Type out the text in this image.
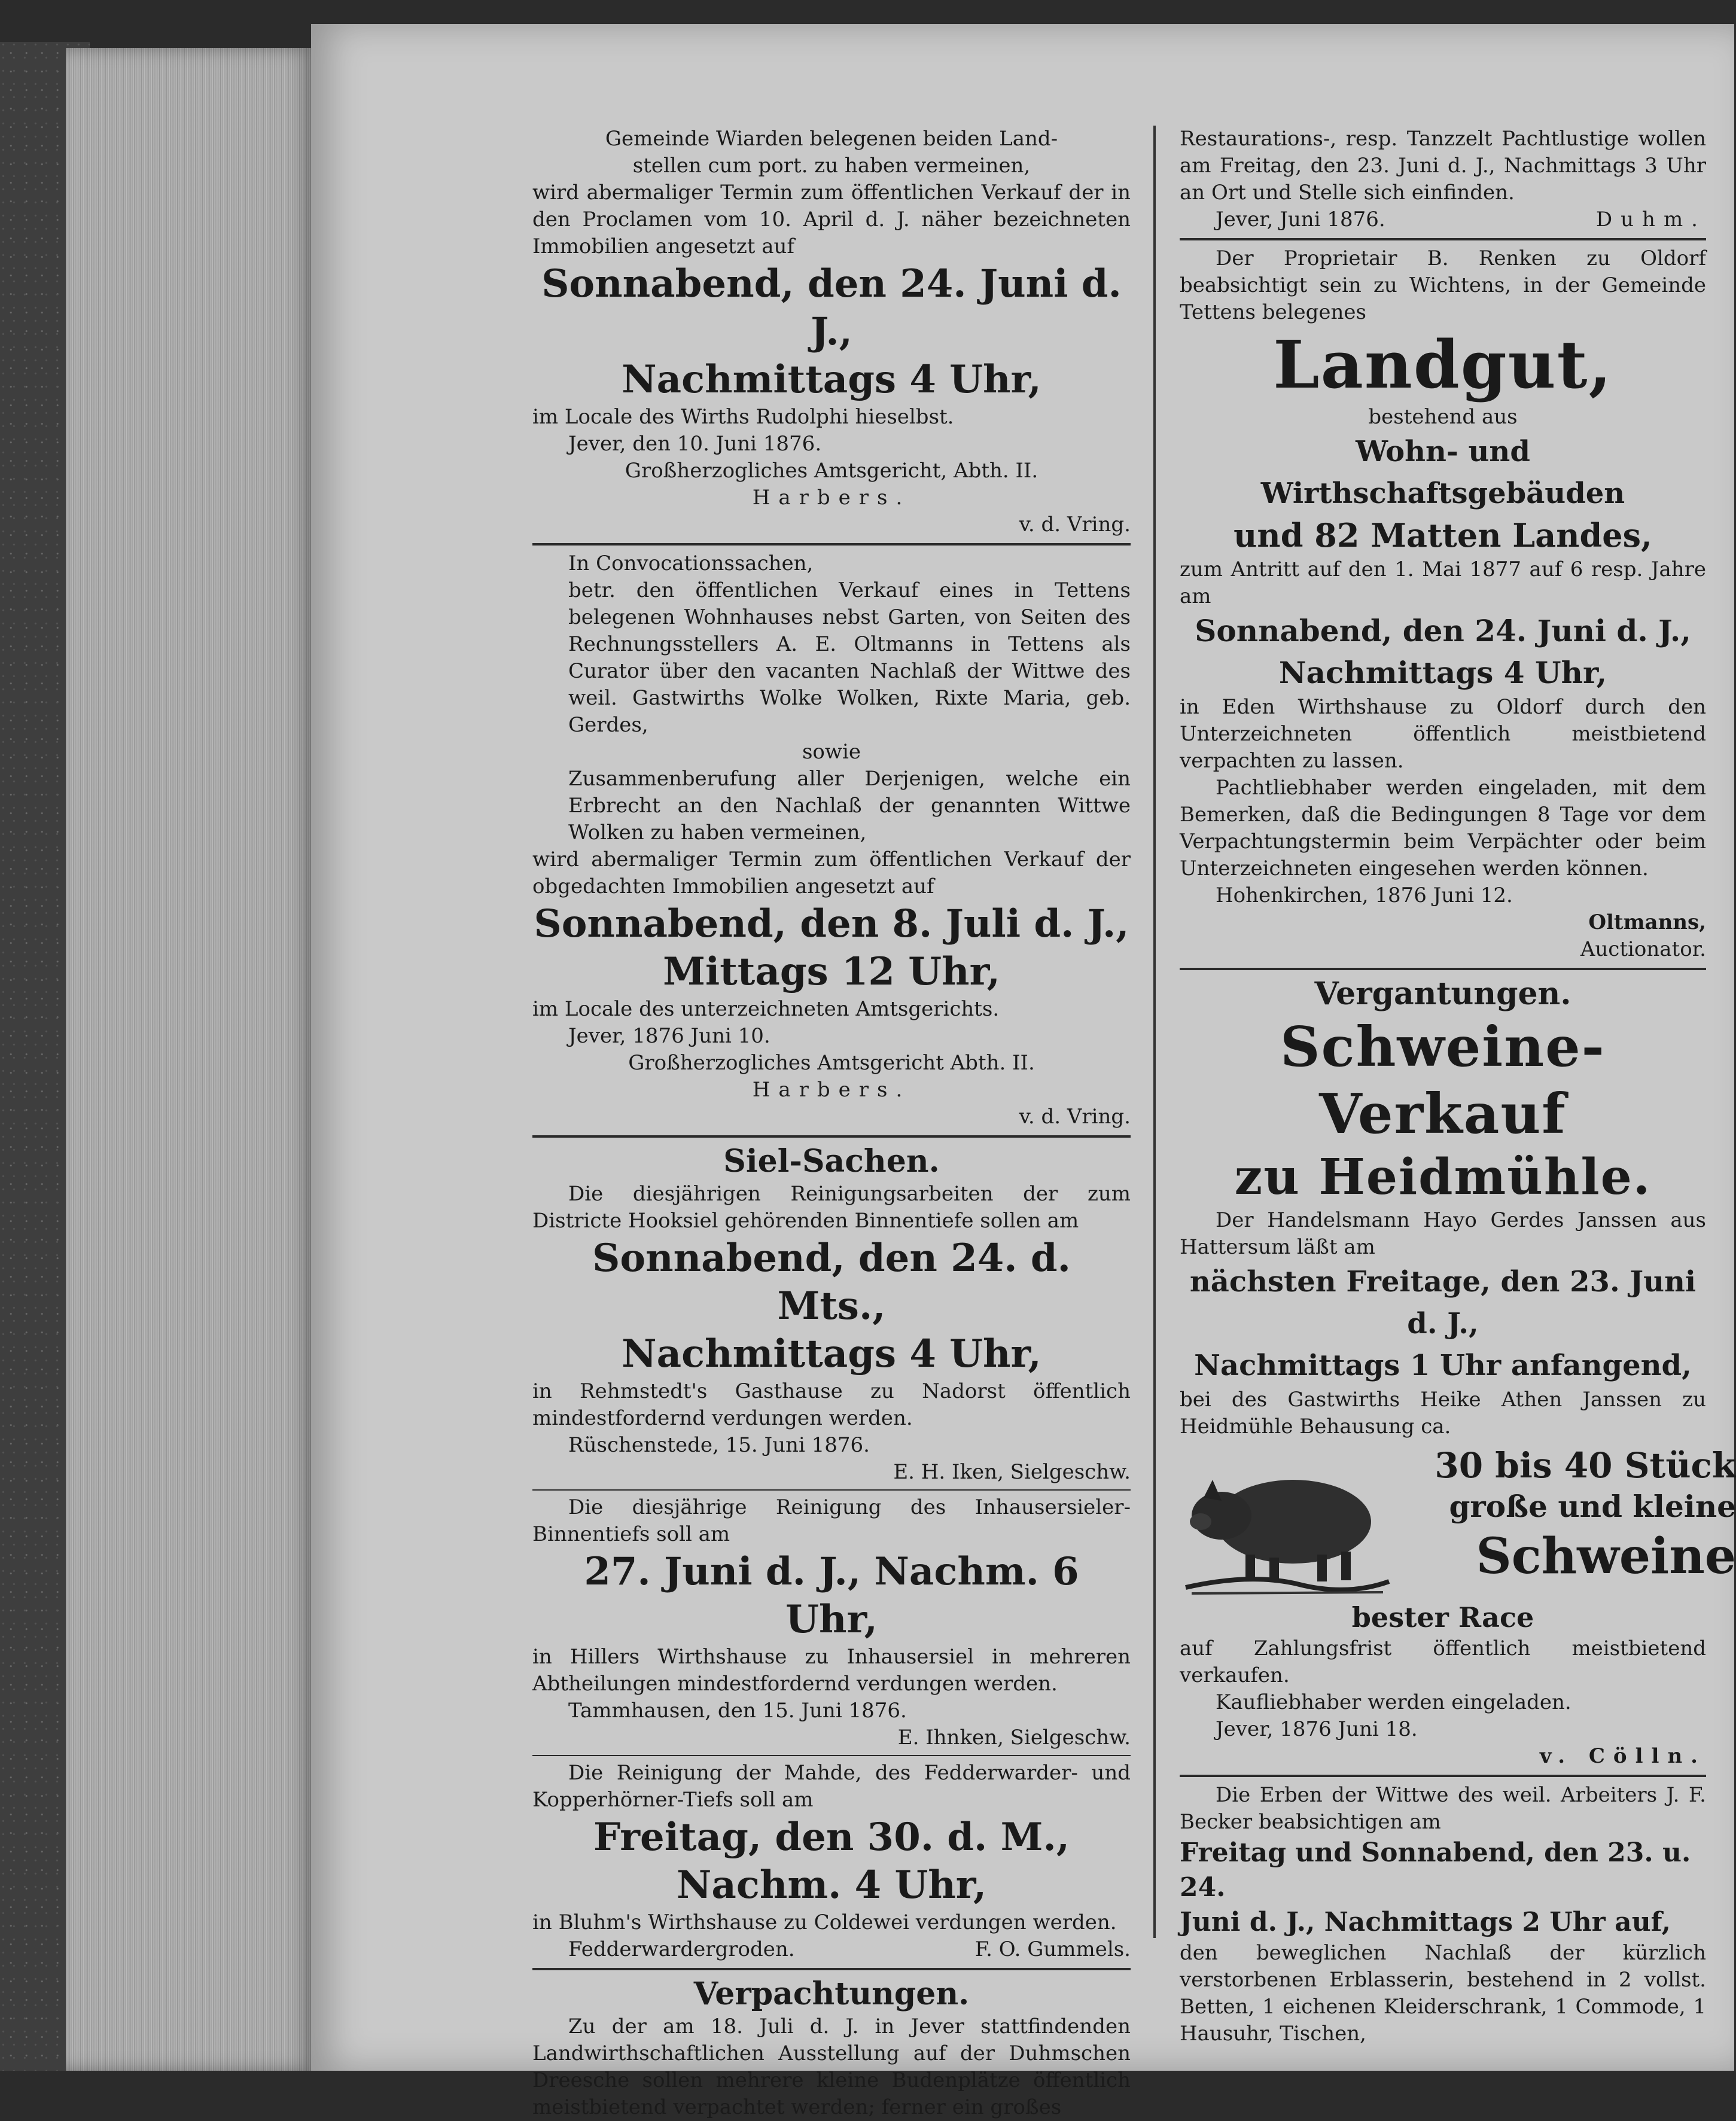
Gemeinde Wiarden belegenen beiden Land-

stellen cum port. zu haben vermeinen,

wird abermaliger Termin zum öffentlichen Verkauf der in den Proclamen vom 10. April d. J. näher bezeichneten Immobilien angesetzt auf

Sonnabend, den 24. Juni d. J.,

Nachmittags 4 Uhr,

im Locale des Wirths Rudolphi hieselbst.

Jever, den 10. Juni 1876.

Großherzogliches Amtsgericht, Abth. II.

Harbers.

v. d. Vring.

In Convocationssachen,

betr. den öffentlichen Verkauf eines in Tettens belegenen Wohnhauses nebst Garten, von Seiten des Rechnungsstellers A. E. Oltmanns in Tettens als Curator über den vacanten Nachlaß der Wittwe des weil. Gastwirths Wolke Wolken, Rixte Maria, geb. Gerdes,

sowie

Zusammenberufung aller Derjenigen, welche ein Erbrecht an den Nachlaß der genannten Wittwe Wolken zu haben vermeinen,

wird abermaliger Termin zum öffentlichen Verkauf der obgedachten Immobilien angesetzt auf

Sonnabend, den 8. Juli d. J.,

Mittags 12 Uhr,

im Locale des unterzeichneten Amtsgerichts.

Jever, 1876 Juni 10.

Großherzogliches Amtsgericht Abth. II.

Harbers.

v. d. Vring.

Siel-Sachen.

Die diesjährigen Reinigungsarbeiten der zum Districte Hooksiel gehörenden Binnentiefe sollen am

Sonnabend, den 24. d. Mts.,

Nachmittags 4 Uhr,

in Rehmstedt's Gasthause zu Nadorst öffentlich mindestfordernd verdungen werden.

Rüschenstede, 15. Juni 1876.

E. H. Iken, Sielgeschw.

Die diesjährige Reinigung des Inhausersieler-Binnentiefs soll am

27. Juni d. J., Nachm. 6 Uhr,

in Hillers Wirthshause zu Inhausersiel in mehreren Abtheilungen mindestfordernd verdungen werden.

Tammhausen, den 15. Juni 1876.

E. Ihnken, Sielgeschw.

Die Reinigung der Mahde, des Fedderwarder- und Kopperhörner-Tiefs soll am

Freitag, den 30. d. M.,

Nachm. 4 Uhr,

in Bluhm's Wirthshause zu Coldewei verdungen werden.

Fedderwardergroden.	F. O. Gummels.

Verpachtungen.

Zu der am 18. Juli d. J. in Jever stattfindenden Landwirthschaftlichen Ausstellung auf der Duhmschen Dreesche sollen mehrere kleine Budenplätze öffentlich meistbietend verpachtet werden; ferner ein großes

Restaurations-, resp. Tanzzelt Pachtlustige wollen am Freitag, den 23. Juni d. J., Nachmittags 3 Uhr an Ort und Stelle sich einfinden.

Jever, Juni 1876.	Duhm.

Der Proprietair B. Renken zu Oldorf beabsichtigt sein zu Wichtens, in der Gemeinde Tettens belegenes

Landgut,

bestehend aus

Wohn- und Wirthschaftsgebäuden

und 82 Matten Landes,

zum Antritt auf den 1. Mai 1877 auf 6 resp. Jahre am

Sonnabend, den 24. Juni d. J.,

Nachmittags 4 Uhr,

in Eden Wirthshause zu Oldorf durch den Unterzeichneten öffentlich meistbietend verpachten zu lassen.

Pachtliebhaber werden eingeladen, mit dem Bemerken, daß die Bedingungen 8 Tage vor dem Verpachtungstermin beim Verpächter oder beim Unterzeichneten eingesehen werden können.

Hohenkirchen, 1876 Juni 12.

Oltmanns,

Auctionator.

Vergantungen.

Schweine-Verkauf

zu Heidmühle.

Der Handelsmann Hayo Gerdes Janssen aus Hattersum läßt am

nächsten Freitage, den 23. Juni

d. J.,

Nachmittags 1 Uhr anfangend,

bei des Gastwirths Heike Athen Janssen zu Heidmühle Behausung ca.

30 bis 40 Stück

große und kleine

Schweine

bester Race

auf Zahlungsfrist öffentlich meistbietend verkaufen.

Kaufliebhaber werden eingeladen.

Jever, 1876 Juni 18.

v. Cölln.

Die Erben der Wittwe des weil. Arbeiters J. F. Becker beabsichtigen am

Freitag und Sonnabend, den 23. u. 24.

Juni d. J., Nachmittags 2 Uhr auf,

den beweglichen Nachlaß der kürzlich verstorbenen Erblasserin, bestehend in 2 vollst. Betten, 1 eichenen Kleiderschrank, 1 Commode, 1 Hausuhr, Tischen,
